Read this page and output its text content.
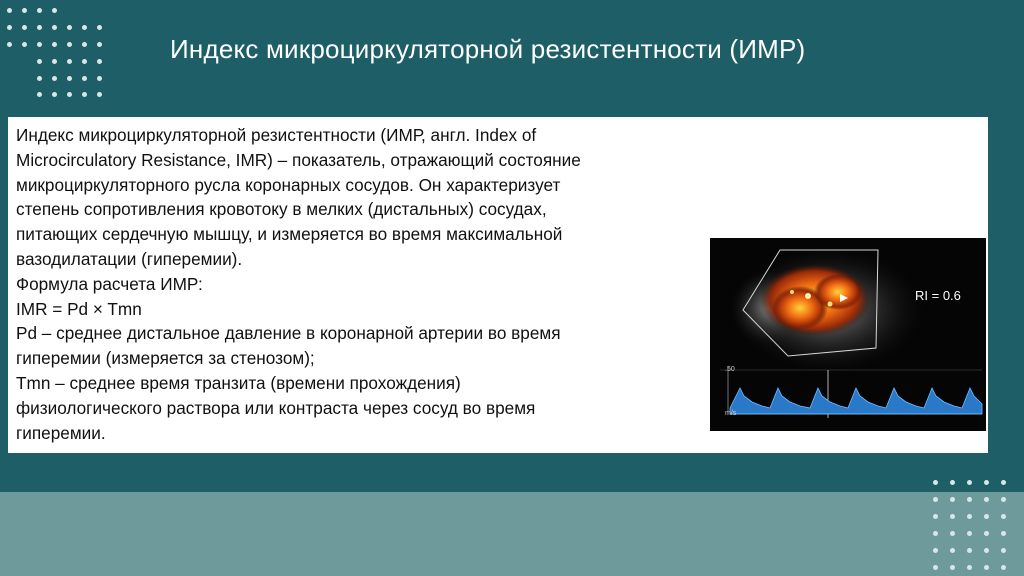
Индекс микроциркуляторной резистентности (ИМР)

Индекс микроциркуляторной резистентности (ИМР, англ. Index of

Microcirculatory Resistance, IMR) – показатель, отражающий состояние

микроциркуляторного русла коронарных сосудов. Он характеризует

степень сопротивления кровотоку в мелких (дистальных) сосудах,

питающих сердечную мышцу, и измеряется во время максимальной

вазодилатации (гиперемии).

Формула расчета ИМР:

IMR = Pd × Tmn

Pd – среднее дистальное давление в коронарной артерии во время

гиперемии (измеряется за стенозом);

Tmn – среднее время транзита (времени прохождения)

физиологического раствора или контраста через сосуд во время

гиперемии.

RI = 0.6
.50
m/s
